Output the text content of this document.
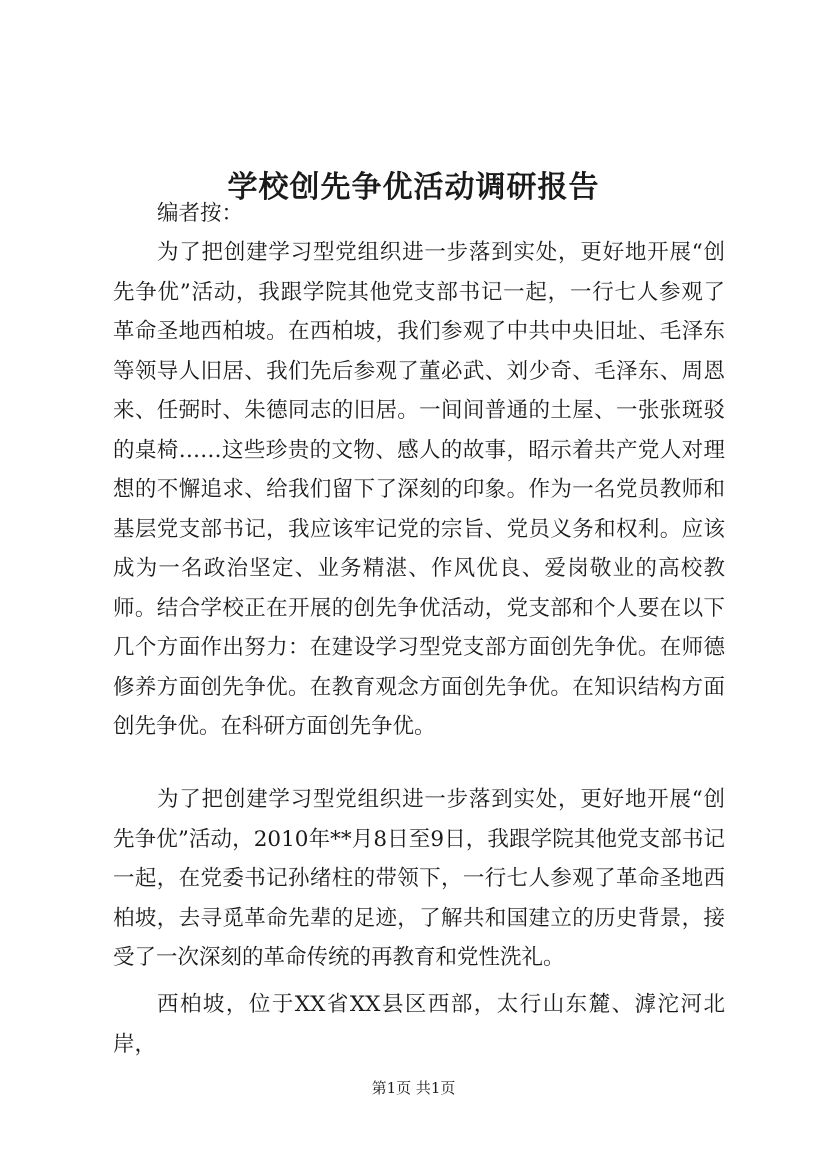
学校创先争优活动调研报告
编者按：

为了把创建学习型党组织进一步落到实处，更好地开展“创先争优”活动，我跟学院其他党支部书记一起，一行七人参观了革命圣地西柏坡。在西柏坡，我们参观了中共中央旧址、毛泽东等领导人旧居、我们先后参观了董必武、刘少奇、毛泽东、周恩来、任弼时、朱德同志的旧居。一间间普通的土屋、一张张斑驳的桌椅……这些珍贵的文物、感人的故事，昭示着共产党人对理想的不懈追求、给我们留下了深刻的印象。作为一名党员教师和基层党支部书记，我应该牢记党的宗旨、党员义务和权利。应该成为一名政治坚定、业务精湛、作风优良、爱岗敬业的高校教师。结合学校正在开展的创先争优活动，党支部和个人要在以下几个方面作出努力：在建设学习型党支部方面创先争优。在师德修养方面创先争优。在教育观念方面创先争优。在知识结构方面创先争优。在科研方面创先争优。

为了把创建学习型党组织进一步落到实处，更好地开展“创先争优”活动，2010年**月8日至9日，我跟学院其他党支部书记一起，在党委书记孙绪柱的带领下，一行七人参观了革命圣地西柏坡，去寻觅革命先辈的足迹，了解共和国建立的历史背景，接受了一次深刻的革命传统的再教育和党性洗礼。

西柏坡，位于XX省XX县区西部，太行山东麓、滹沱河北岸，

第1页 共1页
